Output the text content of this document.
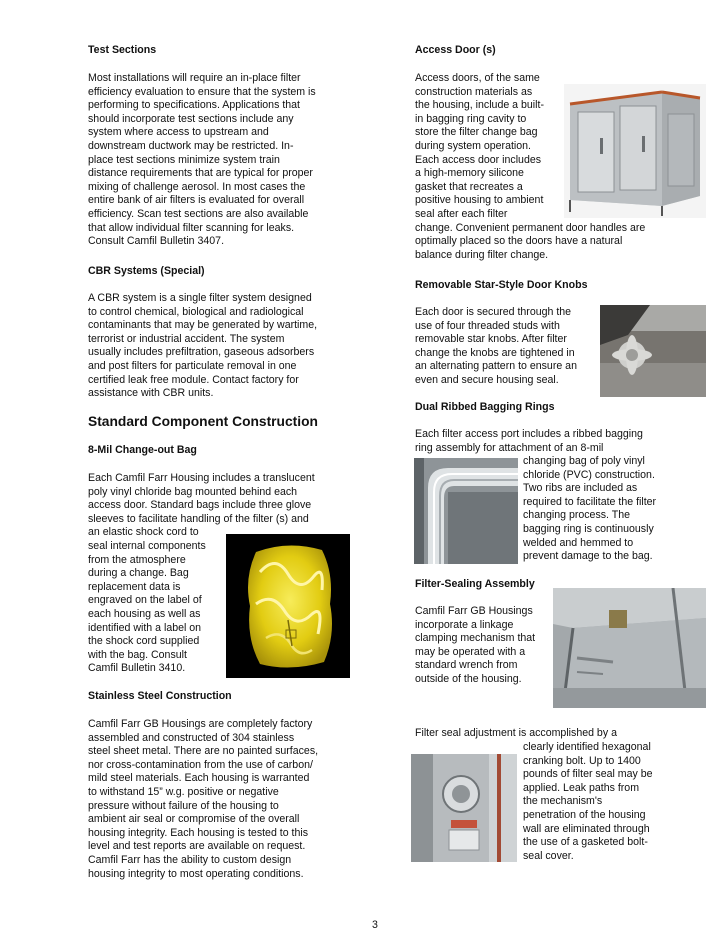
Test Sections
Most installations will require an in-place filter
efficiency evaluation to ensure that the system is
performing to specifications. Applications that
should incorporate test sections include any
system where access to upstream and
downstream ductwork may be restricted. In-
place test sections minimize system train
distance requirements that are typical for proper
mixing of challenge aerosol. In most cases the
entire bank of air filters is evaluated for overall
efficiency. Scan test sections are also available
that allow individual filter scanning for leaks.
Consult Camfil Bulletin 3407.
CBR Systems (Special)
A CBR system is a single filter system designed
to control chemical, biological and radiological
contaminants that may be generated by wartime,
terrorist or industrial accident. The system
usually includes prefiltration, gaseous adsorbers
and post filters for particulate removal in one
certified leak free module. Contact factory for
assistance with CBR units.
Standard Component Construction
8-Mil Change-out Bag
Each Camfil Farr Housing includes a translucent
poly vinyl chloride bag mounted behind each
access door. Standard bags include three glove
sleeves to facilitate handling of the filter (s) and
an elastic shock cord to
seal internal components
from the atmosphere
during a change. Bag
replacement data is
engraved on the label of
each housing as well as
identified with a label on
the shock cord supplied
with the bag. Consult
Camfil Bulletin 3410.
Stainless Steel Construction
Camfil Farr GB Housings are completely factory
assembled and constructed of 304 stainless
steel sheet metal. There are no painted surfaces,
nor cross-contamination from the use of carbon/
mild steel materials. Each housing is warranted
to withstand 15” w.g. positive or negative
pressure without failure of the housing to
ambient air seal or compromise of the overall
housing integrity. Each housing is tested to this
level and test reports are available on request.
Camfil Farr has the ability to custom design
housing integrity to most operating conditions.
Access Door (s)
Access doors, of the same
construction materials as
the housing, include a built-
in bagging ring cavity to
store the filter change bag
during system operation.
Each access door includes
a high-memory silicone
gasket that recreates a
positive housing to ambient
seal after each filter
change. Convenient permanent door handles are
optimally placed so the doors have a natural
balance during filter change.
Removable Star-Style Door Knobs
Each door is secured through the
use of four threaded studs with
removable star knobs. After filter
change the knobs are tightened in
an alternating pattern to ensure an
even and secure housing seal.
Dual Ribbed Bagging Rings
Each filter access port includes a ribbed bagging
ring assembly for attachment of an 8-mil
changing bag of poly vinyl
chloride (PVC) construction.
Two ribs are included as
required to facilitate the filter
changing process. The
bagging ring is continuously
welded and hemmed to
prevent damage to the bag.
Filter-Sealing Assembly
Camfil Farr GB Housings
incorporate a linkage
clamping mechanism that
may be operated with a
standard wrench from
outside of the housing.
Filter seal adjustment is accomplished by a
clearly identified hexagonal
cranking bolt. Up to 1400
pounds of filter seal may be
applied. Leak paths from
the mechanism's
penetration of the housing
wall are eliminated through
the use of a gasketed bolt-
seal cover.
3
